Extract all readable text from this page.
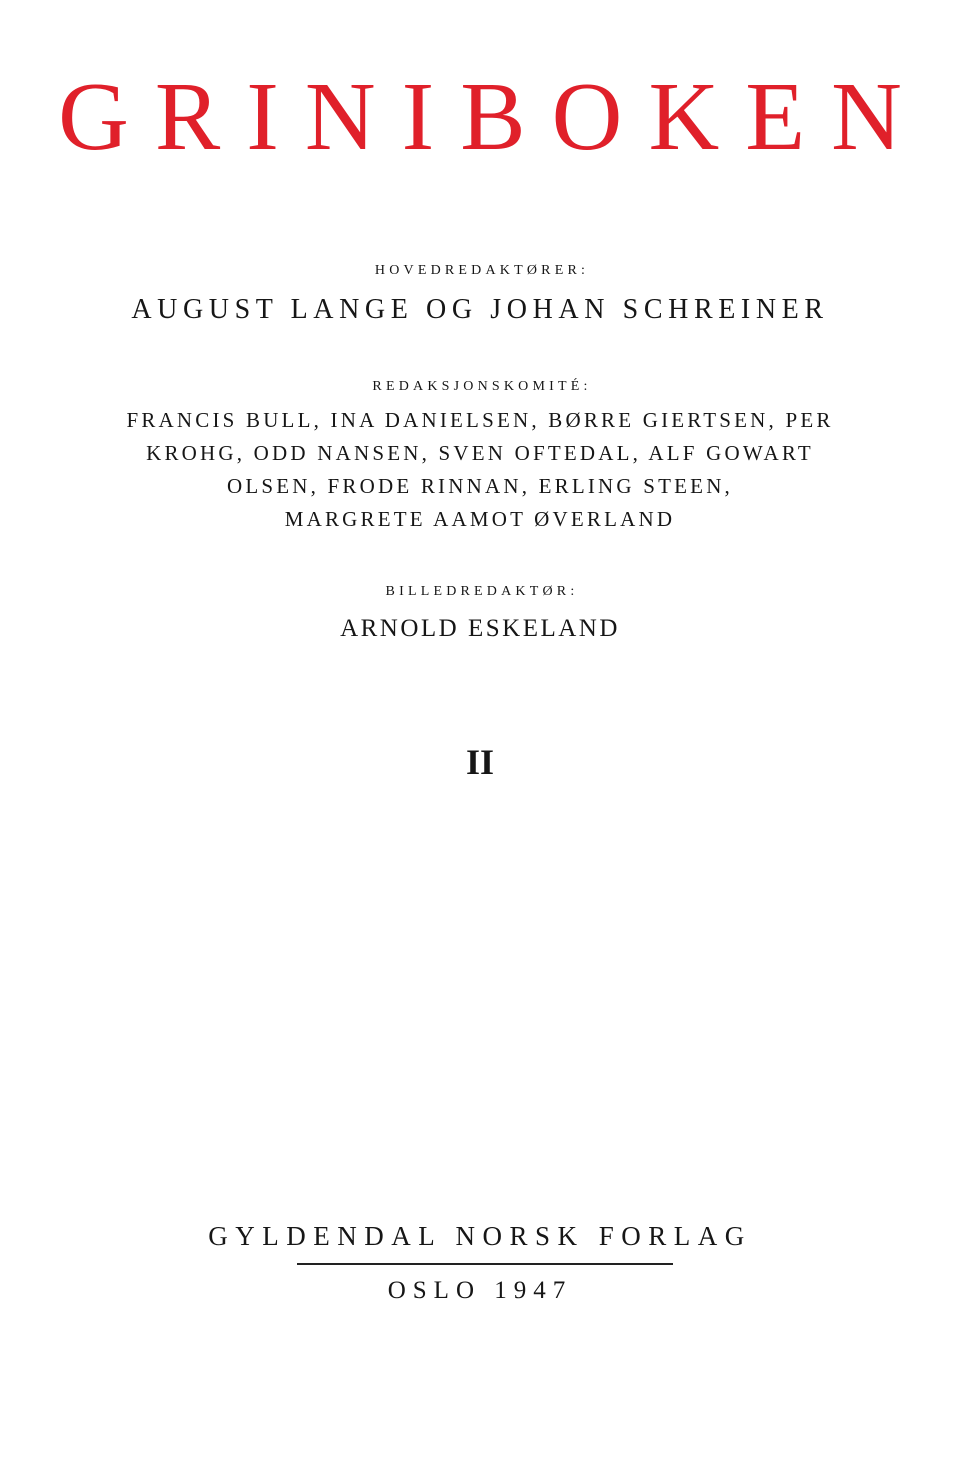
GRINIBOKEN
HOVEDREDAKTØRER:
AUGUST LANGE OG JOHAN SCHREINER
REDAKSJONSKOMITÉ:
FRANCIS BULL, INA DANIELSEN, BØRRE GIERTSEN, PER
KROHG, ODD NANSEN, SVEN OFTEDAL, ALF GOWART
OLSEN, FRODE RINNAN, ERLING STEEN,
MARGRETE AAMOT ØVERLAND
BILLEDREDAKTØR:
ARNOLD ESKELAND
II
GYLDENDAL NORSK FORLAG
OSLO 1947
